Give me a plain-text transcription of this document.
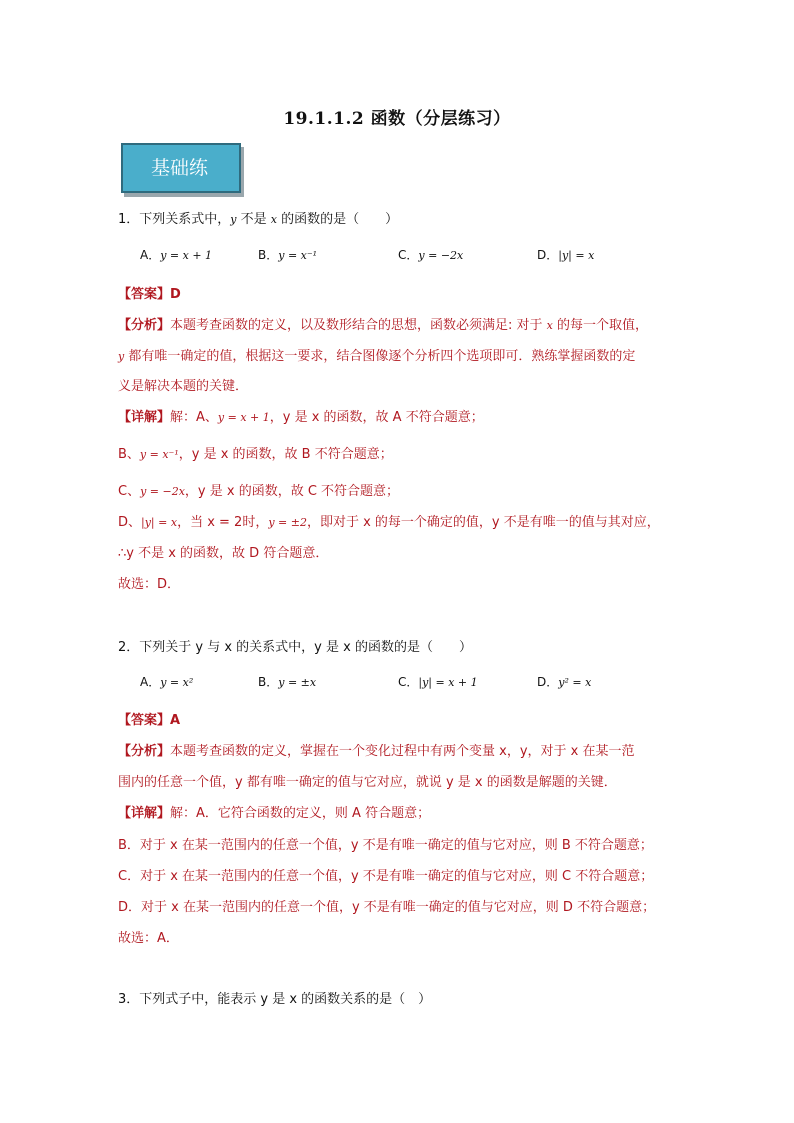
19.1.1.2 函数（分层练习）
基础练
1．下列关系式中，y 不是 x 的函数的是（　　）
A．y = x + 1	B．y = x⁻¹	C．y = −2x	D．|y| = x
【答案】D
【分析】本题考查函数的定义，以及数形结合的思想，函数必须满足: 对于 x 的每一个取值，
y 都有唯一确定的值，根据这一要求，结合图像逐个分析四个选项即可．熟练掌握函数的定
义是解决本题的关键．
【详解】解：A、y = x + 1，y 是 x 的函数，故 A 不符合题意；
B、y = x⁻¹，y 是 x 的函数，故 B 不符合题意；
C、y = −2x，y 是 x 的函数，故 C 不符合题意；
D、|y| = x，当 x = 2时，y = ±2，即对于 x 的每一个确定的值，y 不是有唯一的值与其对应，
∴y 不是 x 的函数，故 D 符合题意．
故选：D．
2．下列关于 y 与 x 的关系式中，y 是 x 的函数的是（　　）
A．y = x²	B．y = ±x	C．|y| = x + 1	D．y² = x
【答案】A
【分析】本题考查函数的定义，掌握在一个变化过程中有两个变量 x，y，对于 x 在某一范
围内的任意一个值，y 都有唯一确定的值与它对应，就说 y 是 x 的函数是解题的关键．
【详解】解：A．它符合函数的定义，则 A 符合题意；
B．对于 x 在某一范围内的任意一个值，y 不是有唯一确定的值与它对应，则 B 不符合题意；
C．对于 x 在某一范围内的任意一个值，y 不是有唯一确定的值与它对应，则 C 不符合题意；
D．对于 x 在某一范围内的任意一个值，y 不是有唯一确定的值与它对应，则 D 不符合题意；
故选：A．
3．下列式子中，能表示 y 是 x 的函数关系的是（　）
